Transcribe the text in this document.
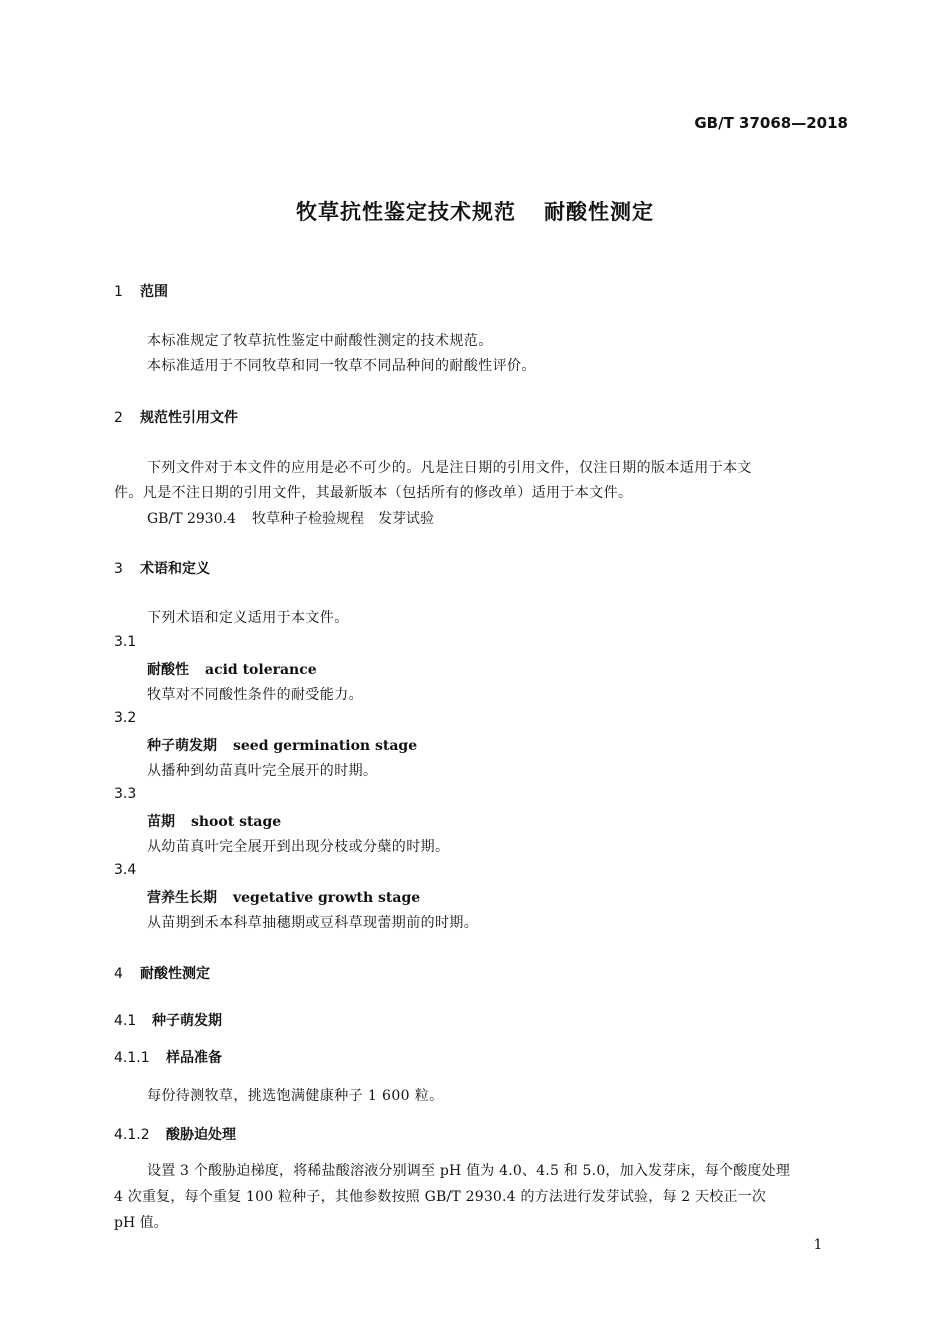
GB/T 37068—2018
牧草抗性鉴定技术规范 耐酸性测定
1 范围
本标准规定了牧草抗性鉴定中耐酸性测定的技术规范。
本标准适用于不同牧草和同一牧草不同品种间的耐酸性评价。
2 规范性引用文件
下列文件对于本文件的应用是必不可少的。凡是注日期的引用文件，仅注日期的版本适用于本文
件。凡是不注日期的引用文件，其最新版本（包括所有的修改单）适用于本文件。
GB/T 2930.4 牧草种子检验规程　发芽试验
3 术语和定义
下列术语和定义适用于本文件。
3.1
耐酸性 acid tolerance
牧草对不同酸性条件的耐受能力。
3.2
种子萌发期 seed germination stage
从播种到幼苗真叶完全展开的时期。
3.3
苗期 shoot stage
从幼苗真叶完全展开到出现分枝或分蘖的时期。
3.4
营养生长期 vegetative growth stage
从苗期到禾本科草抽穗期或豆科草现蕾期前的时期。
4 耐酸性测定
4.1 种子萌发期
4.1.1 样品准备
每份待测牧草，挑选饱满健康种子 1 600 粒。
4.1.2 酸胁迫处理
设置 3 个酸胁迫梯度，将稀盐酸溶液分别调至 pH 值为 4.0、4.5 和 5.0，加入发芽床，每个酸度处理
4 次重复，每个重复 100 粒种子，其他参数按照 GB/T 2930.4 的方法进行发芽试验，每 2 天校正一次
pH 值。
1
